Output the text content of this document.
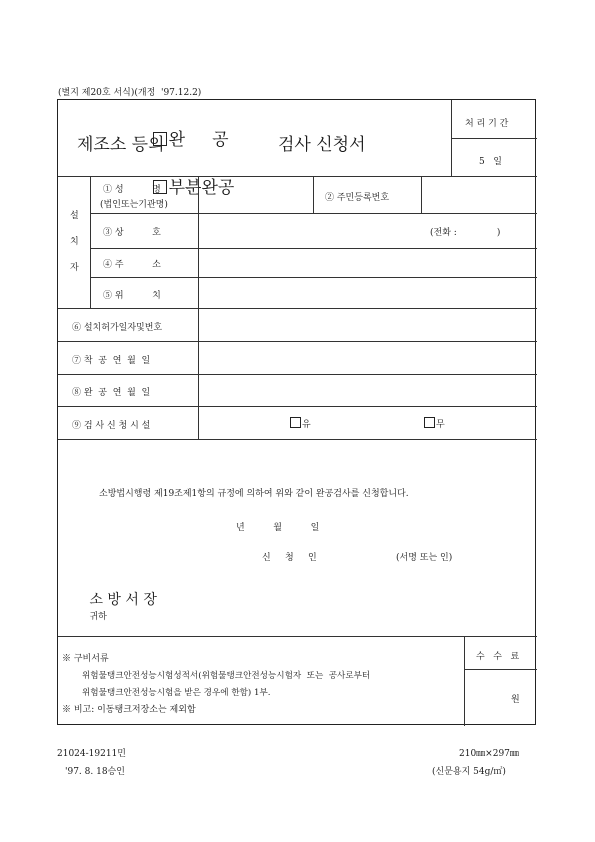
(별지 제20호 서식)(개정  '97.12.2)

완     공

제조소 등의	검사 신청서

부분완공

처 리 기 간
5   일
설
치
자
① 성          명
(법인또는기관명)
② 주민등록번호
③ 상          호	(전화 :              )
④ 주          소
⑤ 위          치
⑥ 설치허가일자및번호
⑦ 착  공  연  월  일
⑧ 완  공  연  월  일
⑨ 검 사 신 청 시 설	유	무
소방법시행령 제19조제1항의 규정에 의하여 위와 같이 완공검사를 신청합니다.
년          월          일
신     청     인	(서명 또는 인)

소 방 서 장
귀하

※ 구비서류
위험물탱크안전성능시험성적서(위험물탱크안전성능시험자  또는  공사로부터
위험물탱크안전성능시험을 받은 경우에 한함) 1부.
※ 비고: 이동탱크저장소는 제외함
수   수   료
원
21024-19211민
'97. 8. 18승인
210㎜×297㎜
(신문용지 54g/㎡)
